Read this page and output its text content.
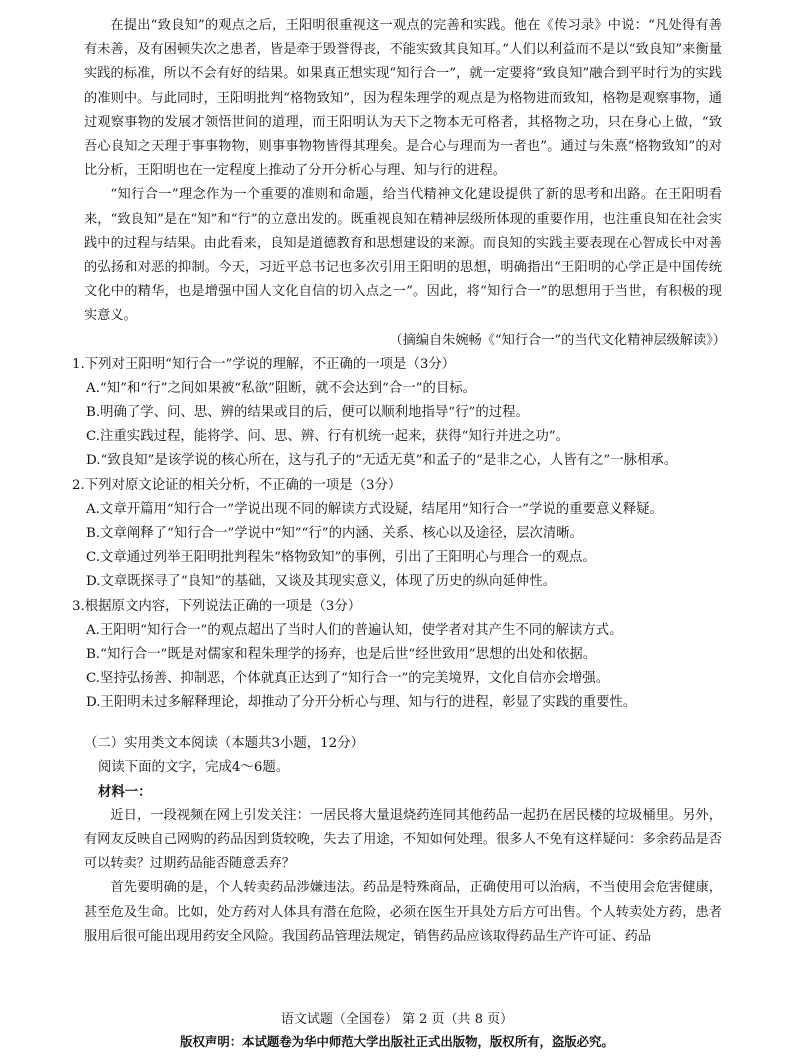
在提出“致良知”的观点之后，王阳明很重视这一观点的完善和实践。他在《传习录》中说：“凡处得有善有未善，及有困顿失次之患者，皆是牵于毁誉得丧，不能实致其良知耳。”人们以利益而不是以“致良知”来衡量实践的标准，所以不会有好的结果。如果真正想实现“知行合一”，就一定要将“致良知”融合到平时行为的实践的准则中。与此同时，王阳明批判“格物致知”，因为程朱理学的观点是为格物进而致知，格物是观察事物，通过观察事物的发展才领悟世间的道理，而王阳明认为天下之物本无可格者，其格物之功，只在身心上做，“致吾心良知之天理于事事物物，则事事物物皆得其理矣。是合心与理而为一者也”。通过与朱熹“格物致知”的对比分析，王阳明也在一定程度上推动了分开分析心与理、知与行的进程。

“知行合一”理念作为一个重要的准则和命题，给当代精神文化建设提供了新的思考和出路。在王阳明看来，“致良知”是在“知”和“行”的立意出发的。既重视良知在精神层级所体现的重要作用，也注重良知在社会实践中的过程与结果。由此看来，良知是道德教育和思想建设的来源。而良知的实践主要表现在心智成长中对善的弘扬和对恶的抑制。今天，习近平总书记也多次引用王阳明的思想，明确指出“王阳明的心学正是中国传统文化中的精华，也是增强中国人文化自信的切入点之一”。因此，将“知行合一”的思想用于当世，有积极的现实意义。

（摘编自朱婉畅《“知行合一”的当代文化精神层级解读》）

1.下列对王阳明“知行合一”学说的理解，不正确的一项是（3分）

A.“知”和“行”之间如果被“私欲”阻断，就不会达到“合一”的目标。

B.明确了学、问、思、辨的结果或目的后，便可以顺利地指导“行”的过程。

C.注重实践过程，能将学、问、思、辨、行有机统一起来，获得“知行并进之功”。

D.“致良知”是该学说的核心所在，这与孔子的“无适无莫”和孟子的“是非之心，人皆有之”一脉相承。

2.下列对原文论证的相关分析，不正确的一项是（3分）

A.文章开篇用“知行合一”学说出现不同的解读方式设疑，结尾用“知行合一”学说的重要意义释疑。

B.文章阐释了“知行合一”学说中“知”“行”的内涵、关系、核心以及途径，层次清晰。

C.文章通过列举王阳明批判程朱“格物致知”的事例，引出了王阳明心与理合一的观点。

D.文章既探寻了“良知”的基础，又谈及其现实意义，体现了历史的纵向延伸性。

3.根据原文内容，下列说法正确的一项是（3分）

A.王阳明“知行合一”的观点超出了当时人们的普遍认知，使学者对其产生不同的解读方式。

B.“知行合一”既是对儒家和程朱理学的扬弃，也是后世“经世致用”思想的出处和依据。

C.坚持弘扬善、抑制恶，个体就真正达到了“知行合一”的完美境界，文化自信亦会增强。

D.王阳明未过多解释理论，却推动了分开分析心与理、知与行的进程，彰显了实践的重要性。

（二）实用类文本阅读（本题共3小题，12分）

阅读下面的文字，完成4～6题。

材料一：

近日，一段视频在网上引发关注：一居民将大量退烧药连同其他药品一起扔在居民楼的垃圾桶里。另外，有网友反映自己网购的药品因到货较晚，失去了用途，不知如何处理。很多人不免有这样疑问：多余药品是否可以转卖？过期药品能否随意丢弃？

首先要明确的是，个人转卖药品涉嫌违法。药品是特殊商品，正确使用可以治病，不当使用会危害健康，甚至危及生命。比如，处方药对人体具有潜在危险，必须在医生开具处方后方可出售。个人转卖处方药，患者服用后很可能出现用药安全风险。我国药品管理法规定，销售药品应该取得药品生产许可证、药品

语文试题（全国卷） 第 2 页（共 8 页）
版权声明：本试题卷为华中师范大学出版社正式出版物，版权所有，盗版必究。
